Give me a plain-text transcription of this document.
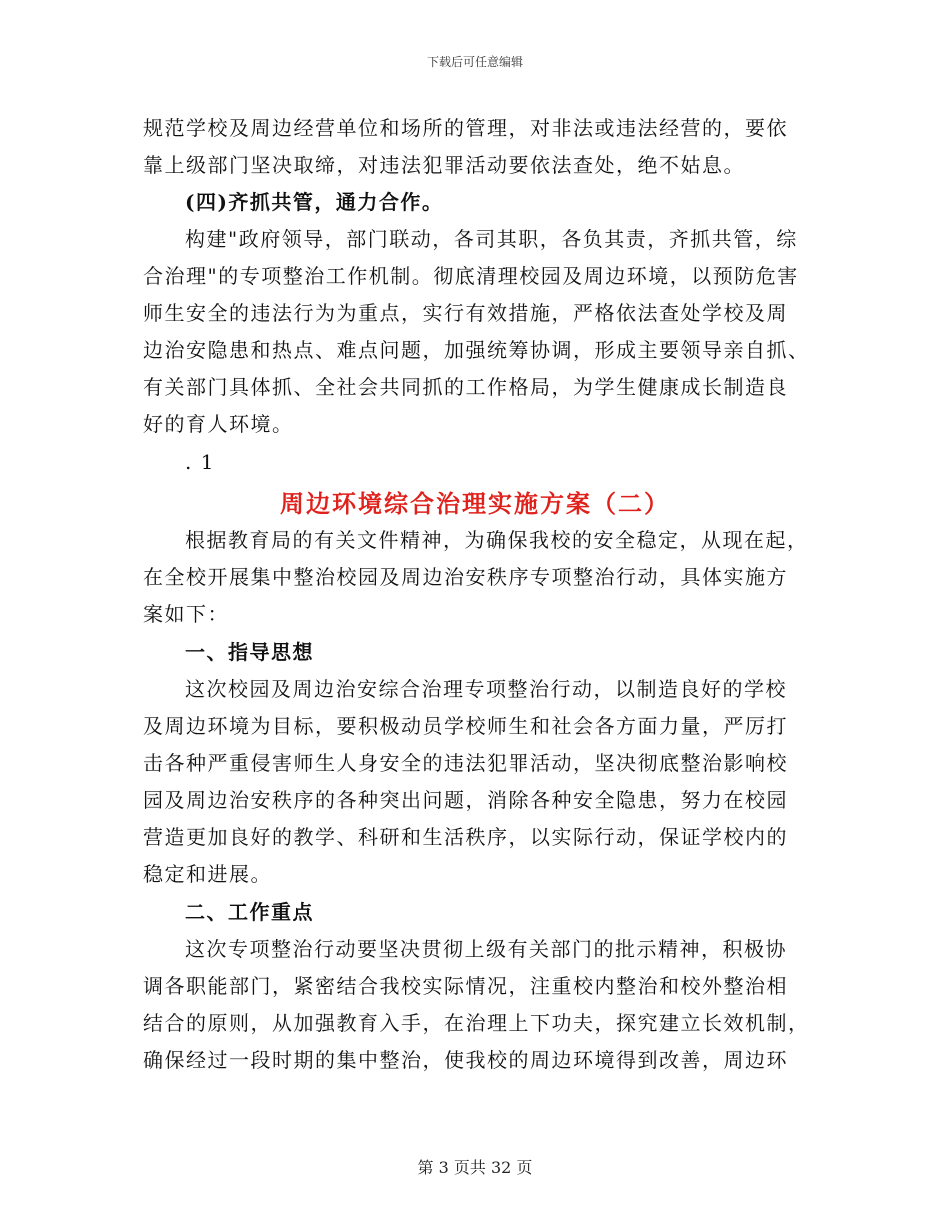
下载后可任意编辑
规范学校及周边经营单位和场所的管理，对非法或违法经营的，要依
靠上级部门坚决取缔，对违法犯罪活动要依法查处，绝不姑息。
(四)齐抓共管，通力合作。
构建"政府领导，部门联动，各司其职，各负其责，齐抓共管，综
合治理"的专项整治工作机制。彻底清理校园及周边环境，以预防危害
师生安全的违法行为为重点，实行有效措施，严格依法查处学校及周
边治安隐患和热点、难点问题，加强统筹协调，形成主要领导亲自抓、
有关部门具体抓、全社会共同抓的工作格局，为学生健康成长制造良
好的育人环境。
. 1
周边环境综合治理实施方案（二）
根据教育局的有关文件精神，为确保我校的安全稳定，从现在起，
在全校开展集中整治校园及周边治安秩序专项整治行动，具体实施方
案如下：
一、指导思想
这次校园及周边治安综合治理专项整治行动，以制造良好的学校
及周边环境为目标，要积极动员学校师生和社会各方面力量，严厉打
击各种严重侵害师生人身安全的违法犯罪活动，坚决彻底整治影响校
园及周边治安秩序的各种突出问题，消除各种安全隐患，努力在校园
营造更加良好的教学、科研和生活秩序，以实际行动，保证学校内的
稳定和进展。
二、工作重点
这次专项整治行动要坚决贯彻上级有关部门的批示精神，积极协
调各职能部门，紧密结合我校实际情况，注重校内整治和校外整治相
结合的原则，从加强教育入手，在治理上下功夫，探究建立长效机制，
确保经过一段时期的集中整治，使我校的周边环境得到改善，周边环
第 3 页共 32 页
